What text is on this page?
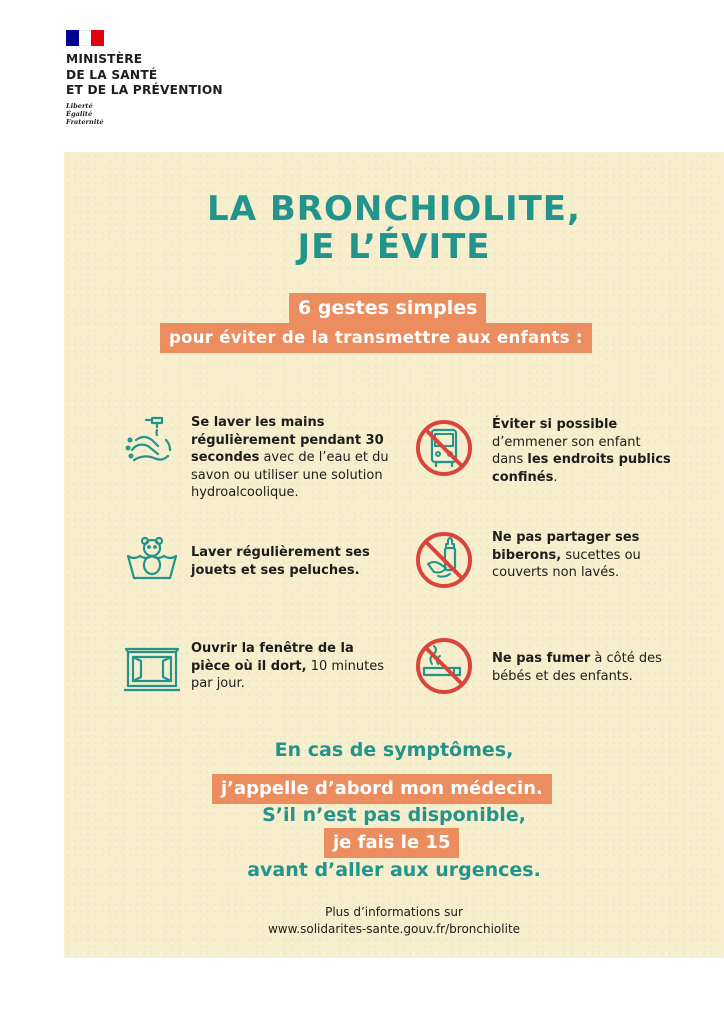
MINISTÈRE
DE LA SANTÉ
ET DE LA PRÉVENTION
Liberté
Égalité
Fraternité
LA BRONCHIOLITE,
JE L’ÉVITE
6 gestes simples
pour éviter de la transmettre aux enfants :
Se laver les mains régulièrement pendant 30 secondes avec de l’eau et du savon ou utiliser une solution hydroalcoolique.
Laver régulièrement ses jouets et ses peluches.
Ouvrir la fenêtre de la pièce où il dort, 10 minutes par jour.
Éviter si possible d’emmener son enfant dans les endroits publics confinés.
Ne pas partager ses biberons, sucettes ou couverts non lavés.
Ne pas fumer à côté des bébés et des enfants.
En cas de symptômes,
j’appelle d’abord mon médecin.
S’il n’est pas disponible,
je fais le 15
avant d’aller aux urgences.
Plus d’informations sur
www.solidarites-sante.gouv.fr/bronchiolite
